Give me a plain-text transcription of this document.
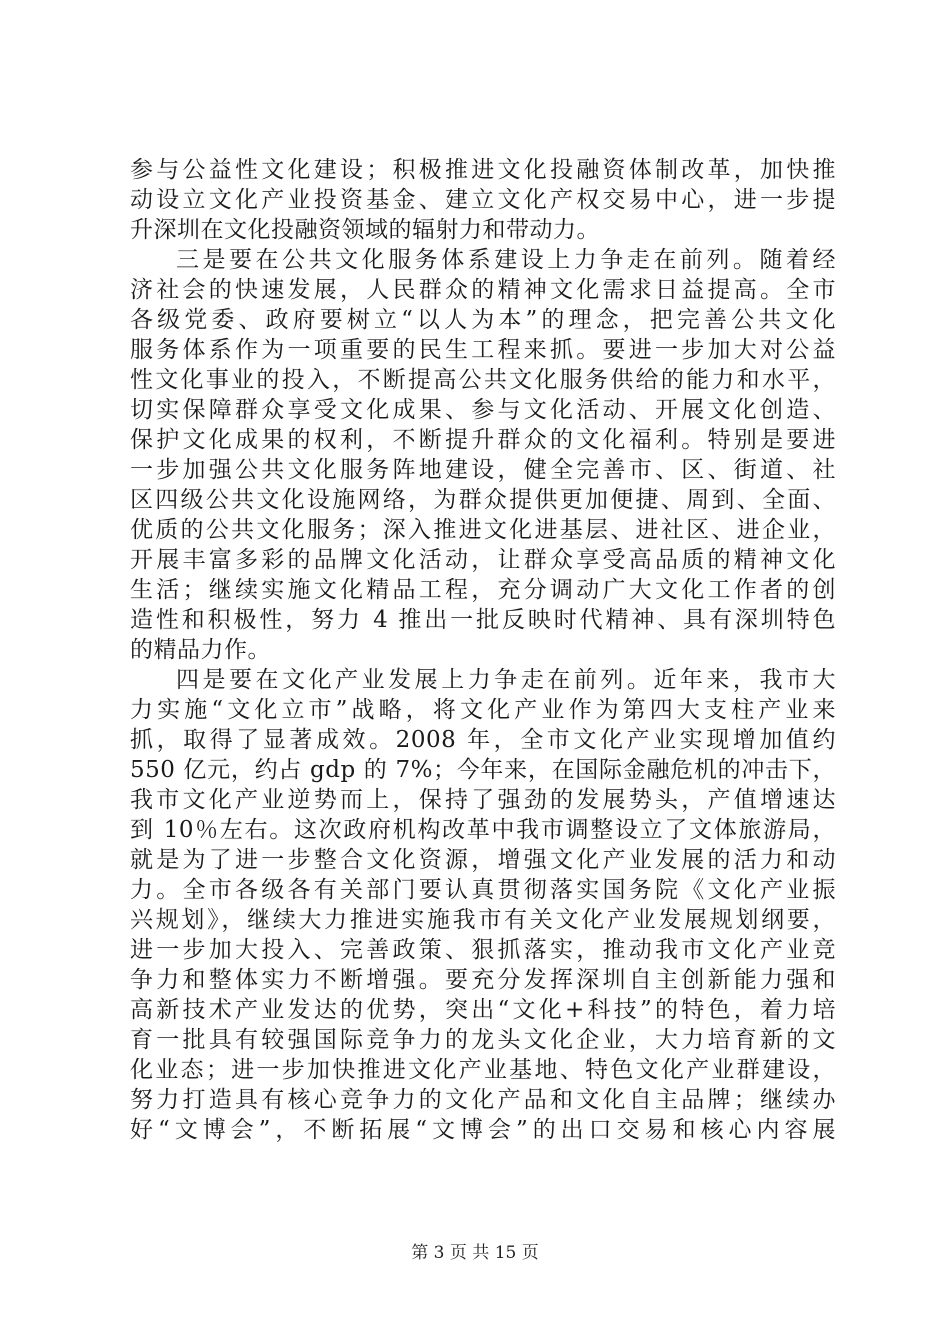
参与公益性文化建设；积极推进文化投融资体制改革，加快推
动设立文化产业投资基金、建立文化产权交易中心，进一步提
升深圳在文化投融资领域的辐射力和带动力。
三是要在公共文化服务体系建设上力争走在前列。随着经
济社会的快速发展，人民群众的精神文化需求日益提高。全市
各级党委、政府要树立“以人为本”的理念，把完善公共文化
服务体系作为一项重要的民生工程来抓。要进一步加大对公益
性文化事业的投入，不断提高公共文化服务供给的能力和水平，
切实保障群众享受文化成果、参与文化活动、开展文化创造、
保护文化成果的权利，不断提升群众的文化福利。特别是要进
一步加强公共文化服务阵地建设，健全完善市、区、街道、社
区四级公共文化设施网络，为群众提供更加便捷、周到、全面、
优质的公共文化服务；深入推进文化进基层、进社区、进企业，
开展丰富多彩的品牌文化活动，让群众享受高品质的精神文化
生活；继续实施文化精品工程，充分调动广大文化工作者的创
造性和积极性，努力 4 推出一批反映时代精神、具有深圳特色
的精品力作。
四是要在文化产业发展上力争走在前列。近年来，我市大
力实施“文化立市”战略，将文化产业作为第四大支柱产业来
抓，取得了显著成效。2008 年，全市文化产业实现增加值约
550 亿元，约占 gdp 的 7%；今年来，在国际金融危机的冲击下，
我市文化产业逆势而上，保持了强劲的发展势头，产值增速达
到 10％左右。这次政府机构改革中我市调整设立了文体旅游局，
就是为了进一步整合文化资源，增强文化产业发展的活力和动
力。全市各级各有关部门要认真贯彻落实国务院《文化产业振
兴规划》，继续大力推进实施我市有关文化产业发展规划纲要，
进一步加大投入、完善政策、狠抓落实，推动我市文化产业竞
争力和整体实力不断增强。要充分发挥深圳自主创新能力强和
高新技术产业发达的优势，突出“文化+科技”的特色，着力培
育一批具有较强国际竞争力的龙头文化企业，大力培育新的文
化业态；进一步加快推进文化产业基地、特色文化产业群建设，
努力打造具有核心竞争力的文化产品和文化自主品牌；继续办
好“文博会”，不断拓展“文博会”的出口交易和核心内容展
第 3 页 共 15 页
